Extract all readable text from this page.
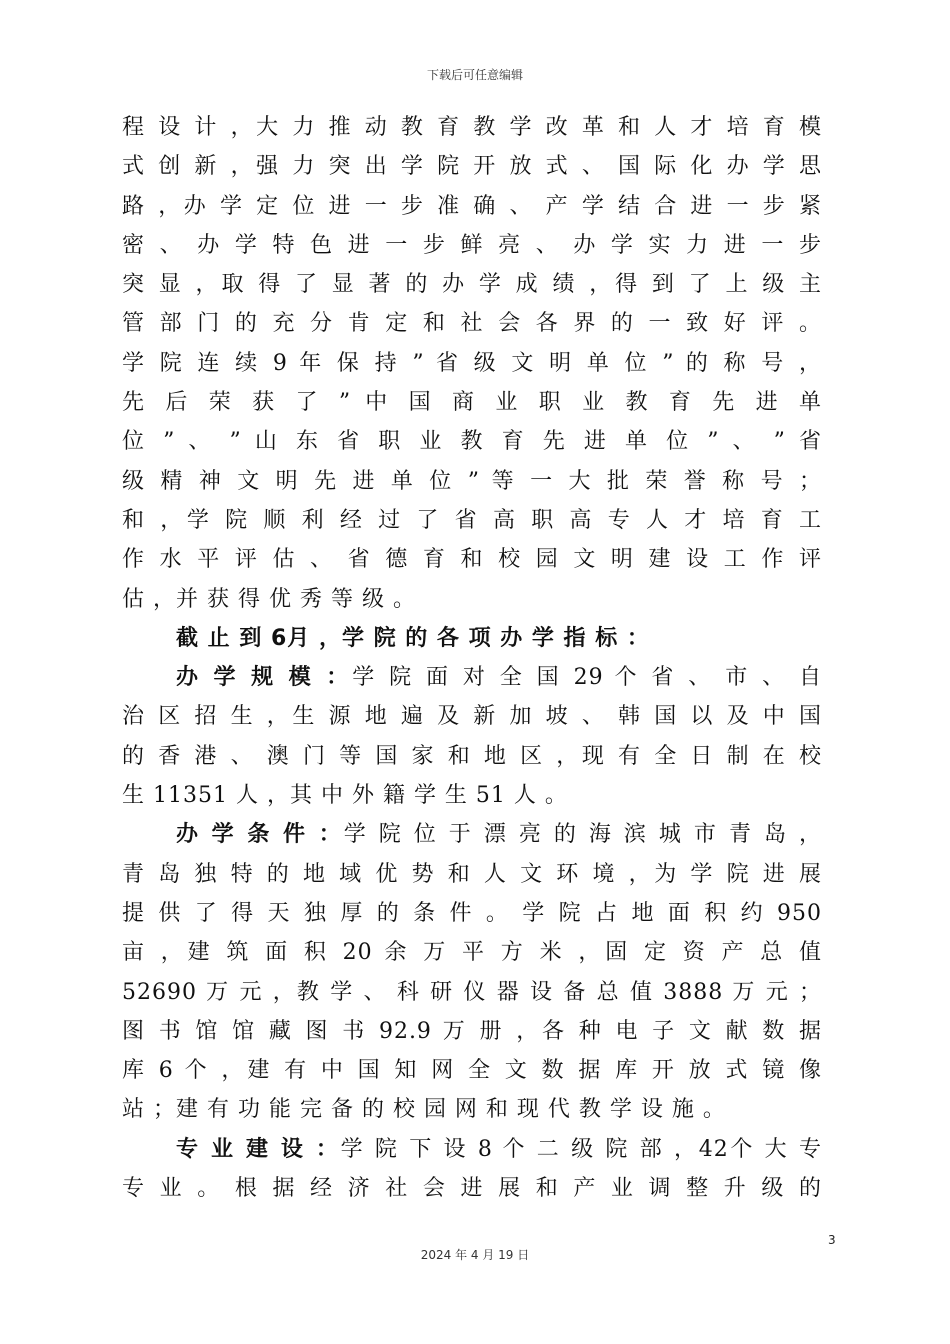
下载后可任意编辑
程 设 计 ，大 力 推 动 教 育 教 学 改 革 和 人 才 培 育 模
式 创 新 ，强 力 突 出 学 院 开 放 式 、 国 际 化 办 学 思
路 ，办 学 定 位 进 一 步 准 确 、 产 学 结 合 进 一 步 紧
密 、 办 学 特 色 进 一 步 鲜 亮 、 办 学 实 力 进 一 步
突 显 ，取 得 了 显 著 的 办 学 成 绩 ，得 到 了 上 级 主
管 部 门 的 充 分 肯 定 和 社 会 各 界 的 一 致 好 评 。
学 院 连 续 9 年 保 持 ” 省 级 文 明 单 位 ” 的 称 号 ，
先 后 荣 获 了 ” 中 国 商 业 职 业 教 育 先 进 单
位 ” 、 ” 山 东 省 职 业 教 育 先 进 单 位 ” 、 ” 省
级 精 神 文 明 先 进 单 位 ” 等 一 大 批 荣 誉 称 号 ；
和 ，学 院 顺 利 经 过 了 省 高 职 高 专 人 才 培 育 工
作 水 平 评 估 、 省 德 育 和 校 园 文 明 建 设 工 作 评
估 ，并 获 得 优 秀 等 级 。
截 止 到 6月 ，学 院 的 各 项 办 学 指 标 ：
办 学 规 模 ：学 院 面 对 全 国 29 个 省 、 市 、 自
治 区 招 生 ，生 源 地 遍 及 新 加 坡 、 韩 国 以 及 中 国
的 香 港 、 澳 门 等 国 家 和 地 区 ，现 有 全 日 制 在 校
生 11351 人 ，其 中 外 籍 学 生 51 人 。
办 学 条 件 ：学 院 位 于 漂 亮 的 海 滨 城 市 青 岛 ，
青 岛 独 特 的 地 域 优 势 和 人 文 环 境 ，为 学 院 进 展
提 供 了 得 天 独 厚 的 条 件 。 学 院 占 地 面 积 约 950
亩 ，建 筑 面 积 20 余 万 平 方 米 ，固 定 资 产 总 值
52690 万 元 ，教 学 、 科 研 仪 器 设 备 总 值 3888 万 元 ；
图 书 馆 馆 藏 图 书 92.9 万 册 ，各 种 电 子 文 献 数 据
库 6 个 ，建 有 中 国 知 网 全 文 数 据 库 开 放 式 镜 像
站 ；建 有 功 能 完 备 的 校 园 网 和 现 代 教 学 设 施 。
专 业 建 设 ：学 院 下 设 8 个 二 级 院 部 ，42个 大 专
专 业 。 根 据 经 济 社 会 进 展 和 产 业 调 整 升 级 的
3
2024 年 4 月 19 日
